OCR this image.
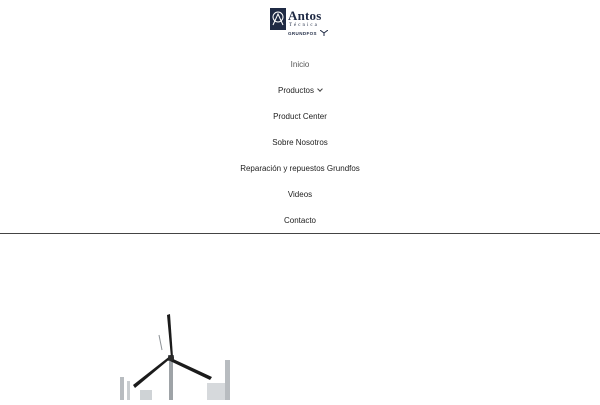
Antos
Técnica
GRUNDFOS
Inicio
Productos
Product Center
Sobre Nosotros
Reparación y repuestos Grundfos
Videos
Contacto
